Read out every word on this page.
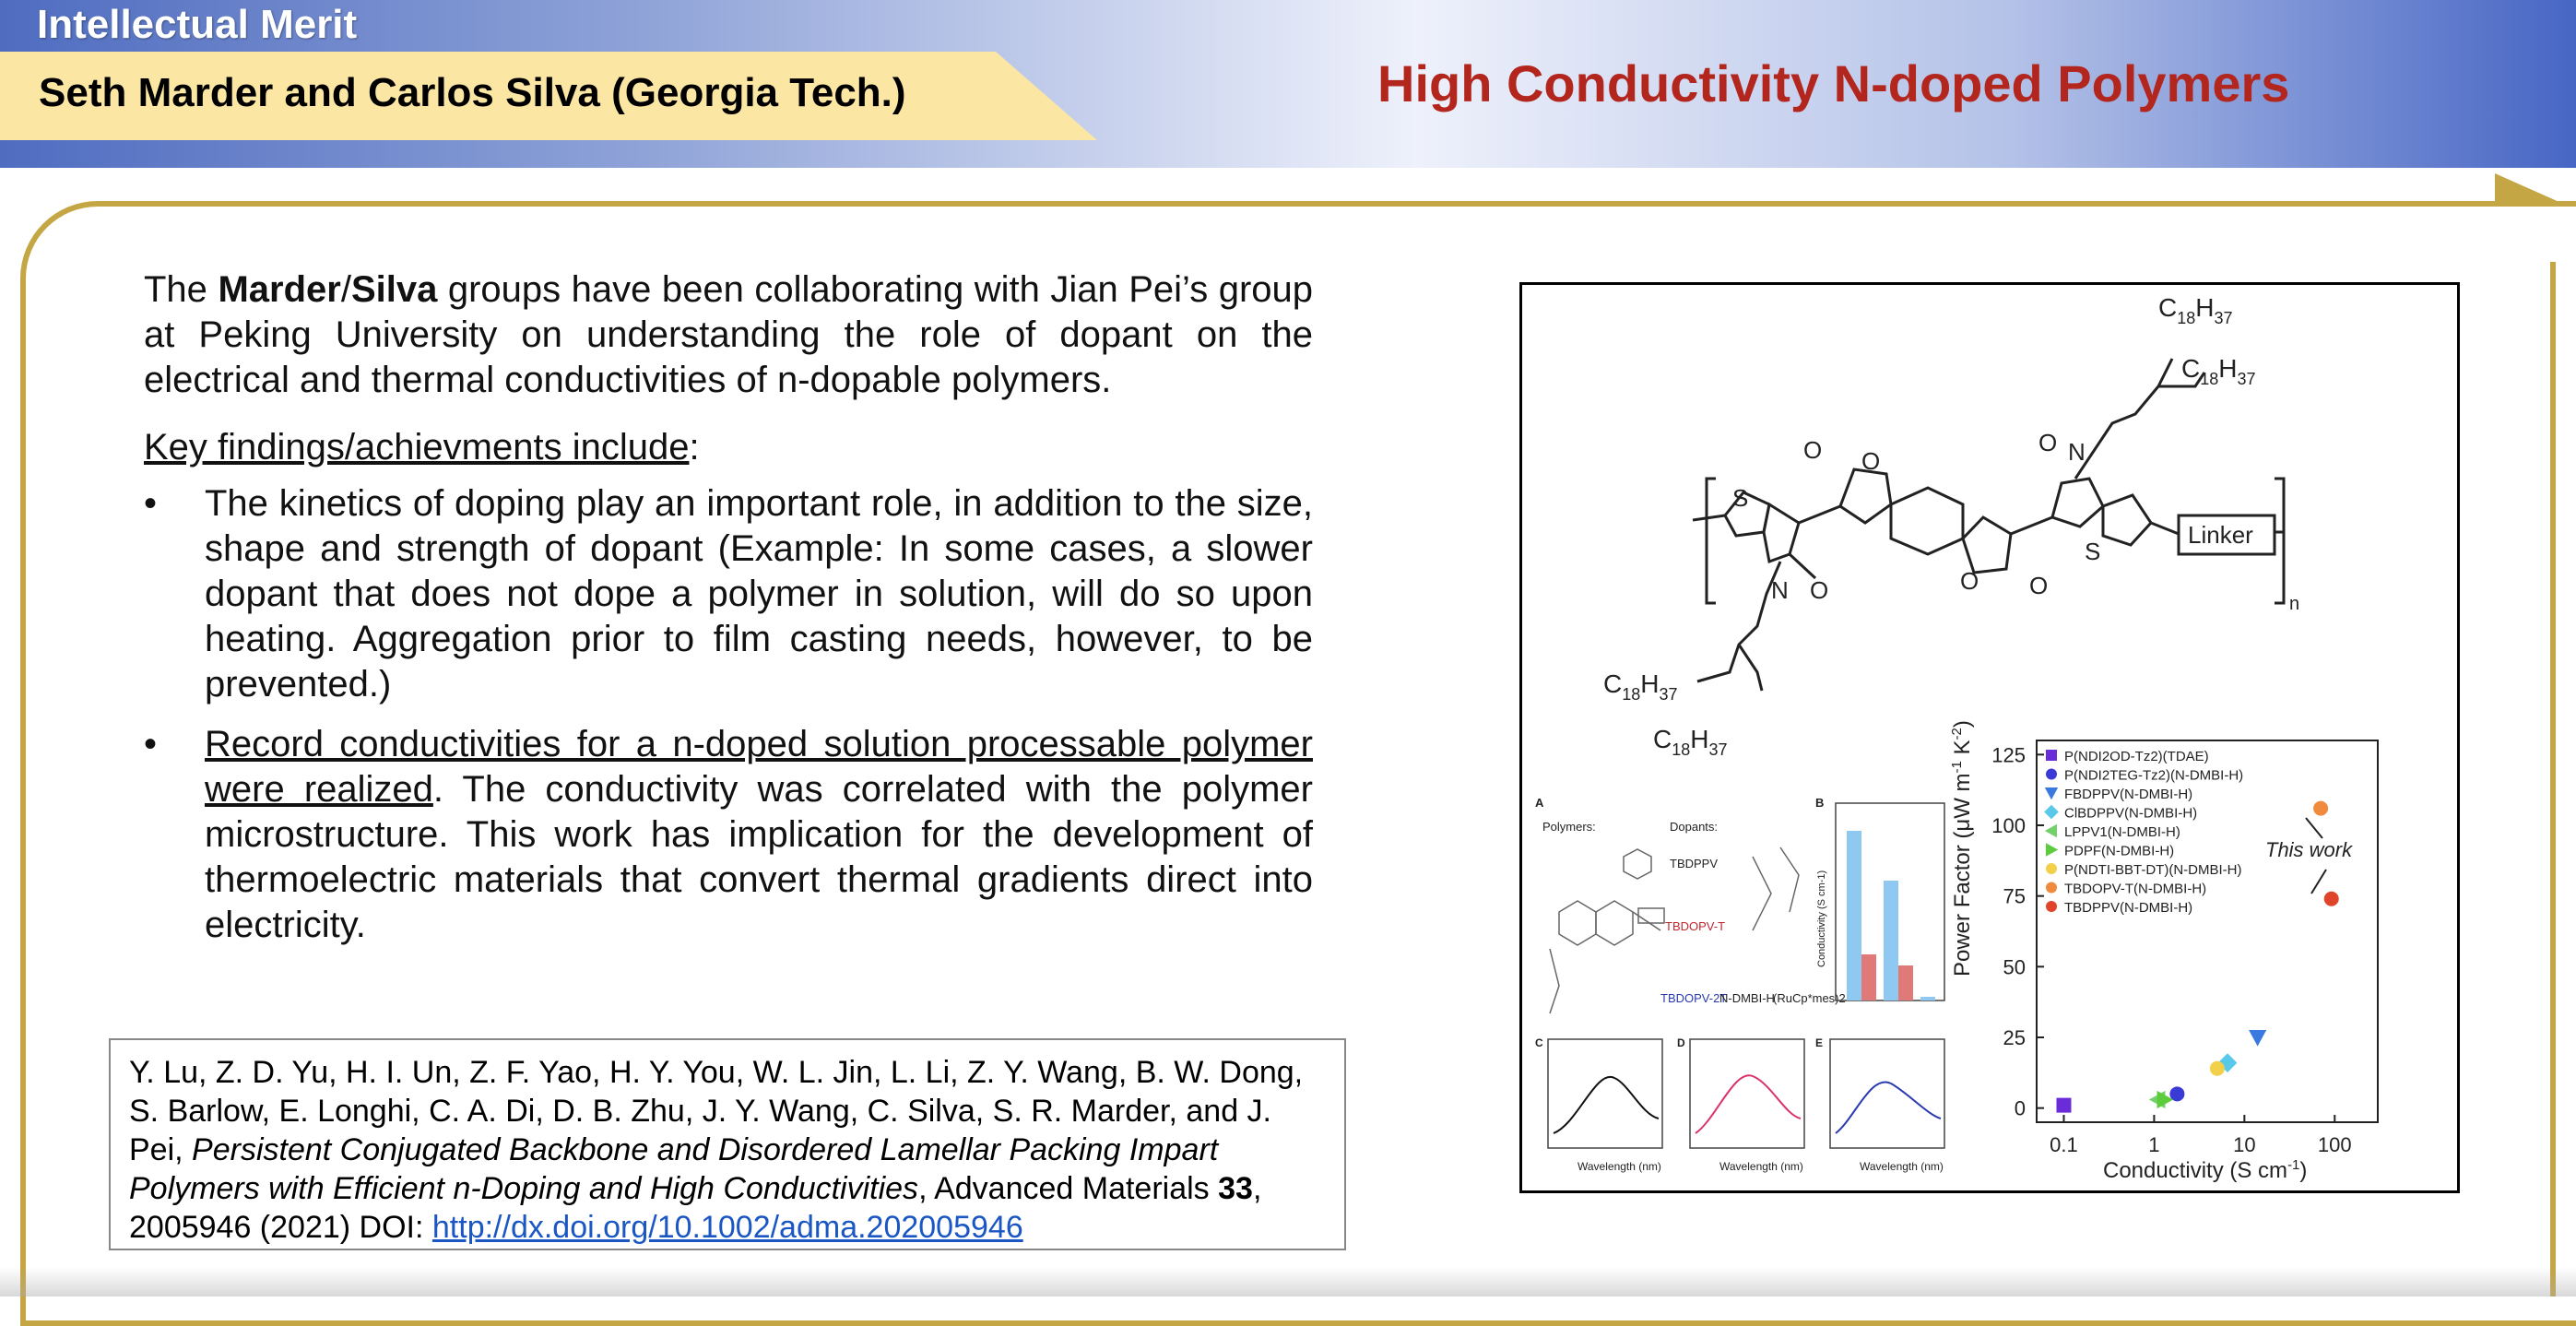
Intellectual Merit
Seth Marder and Carlos Silva (Georgia Tech.)	High Conductivity N-doped Polymers

The Marder/Silva groups have been collaborating with Jian Pei’s group at Peking University on understanding the role of dopant on the electrical and thermal conductivities of n-dopable polymers.

Key findings/achievments include:

• The kinetics of doping play an important role, in addition to the size, shape and strength of dopant (Example: In some cases, a slower dopant that does not dope a polymer in solution, will do so upon heating. Aggregation prior to film casting needs, however, to be prevented.)
• Record conductivities for a n-doped solution processable polymer were realized. The conductivity was correlated with the polymer microstructure. This work has implication for the development of thermoelectric materials that convert thermal gradients direct into electricity.
Y. Lu, Z. D. Yu, H. I. Un, Z. F. Yao, H. Y. You, W. L. Jin, L. Li, Z. Y. Wang, B. W. Dong, S. Barlow, E. Longhi, C. A. Di, D. B. Zhu, J. Y. Wang, C. Silva, S. R. Marder, and J. Pei, Persistent Conjugated Backbone and Disordered Lamellar Packing Impart Polymers with Efficient n-Doping and High Conductivities, Advanced Materials 33, 2005946 (2021) DOI: http://dx.doi.org/10.1002/adma.202005946
S
N O
O O
O O
O N
S
$C_{18}H_{37}$
$C_{18}H_{37}$
$C_{18}H_{37}$
$C_{18}H_{37}$
Linker
n
A
Polymers:	Dopants:
TBDPPV
TBDOPV-T
TBDOPV-2T
N-DMBI-H
(RuCp*mes)2
B
Conductivity (S cm-1)
C	D	E
Wavelength (nm)	Wavelength (nm)	Wavelength (nm)
Power Factor (μW $m^{-1}$ $K^{-2}$)
Conductivity (S $cm^{-1}$)
This work
0
25
50
75
100
125
0.1	1	10	100
P(NDI2OD-Tz2)(TDAE)
P(NDI2TEG-Tz2)(N-DMBI-H)
FBDPPV(N-DMBI-H)
ClBDPPV(N-DMBI-H)
LPPV1(N-DMBI-H)
PDPF(N-DMBI-H)
P(NDTI-BBT-DT)(N-DMBI-H)
TBDOPV-T(N-DMBI-H)
TBDPPV(N-DMBI-H)
